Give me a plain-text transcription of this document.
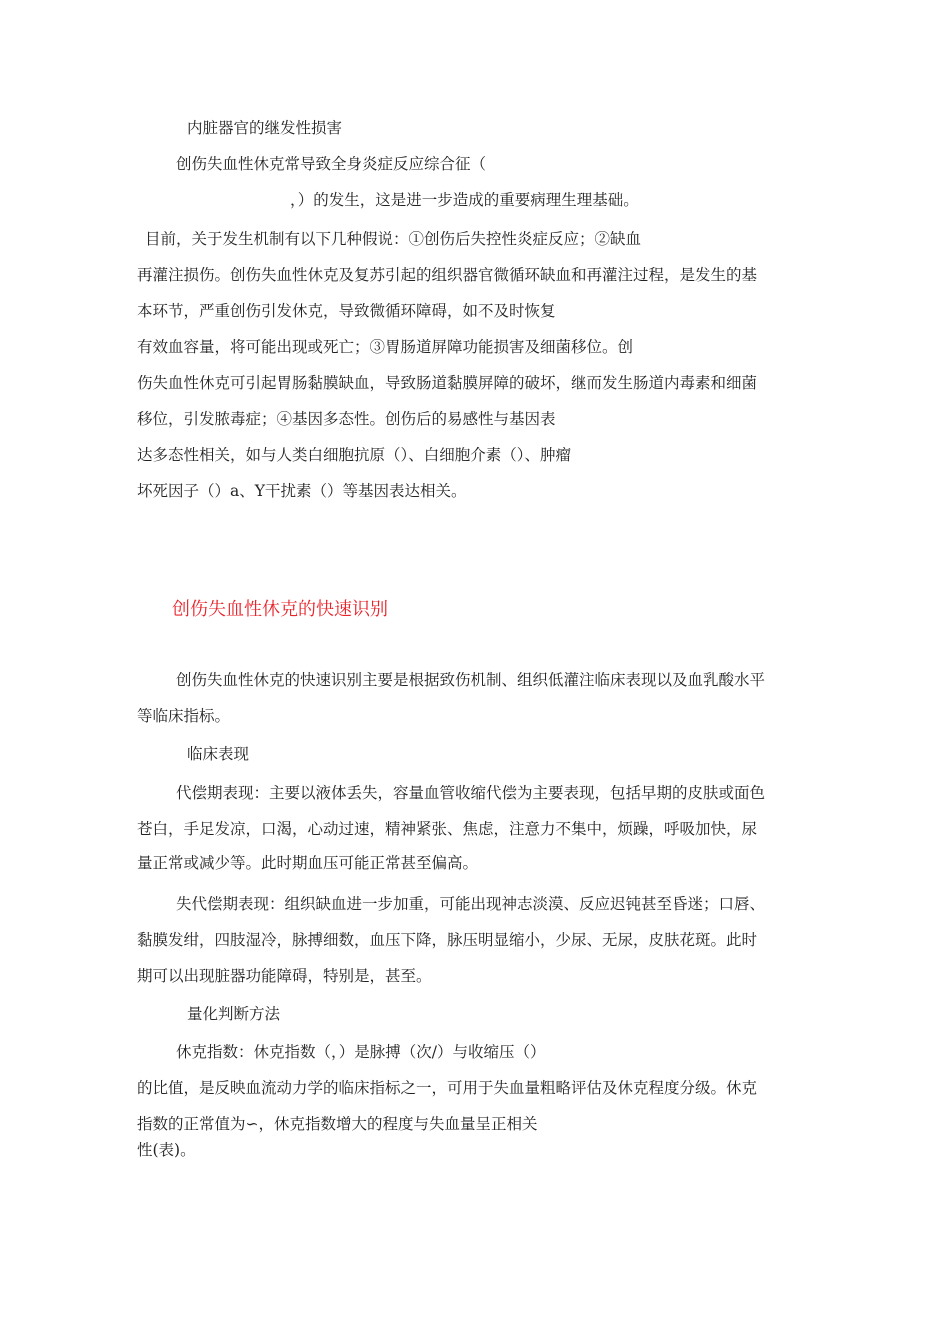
内脏器官的继发性损害
创伤失血性休克常导致全身炎症反应综合征（
，）的发生，这是进一步造成的重要病理生理基础。
目前，关于发生机制有以下几种假说：①创伤后失控性炎症反应；②缺血
再灌注损伤。创伤失血性休克及复苏引起的组织器官微循环缺血和再灌注过程，是发生的基
本环节，严重创伤引发休克，导致微循环障碍，如不及时恢复
有效血容量，将可能出现或死亡；③胃肠道屏障功能损害及细菌移位。创
伤失血性休克可引起胃肠黏膜缺血，导致肠道黏膜屏障的破坏，继而发生肠道内毒素和细菌
移位，引发脓毒症；④基因多态性。创伤后的易感性与基因表
达多态性相关，如与人类白细胞抗原（）、白细胞介素（）、肿瘤
坏死因子（）a、Y干扰素（）等基因表达相关。
创伤失血性休克的快速识别
创伤失血性休克的快速识别主要是根据致伤机制、组织低灌注临床表现以及血乳酸水平
等临床指标。
临床表现
代偿期表现：主要以液体丢失，容量血管收缩代偿为主要表现，包括早期的皮肤或面色
苍白，手足发凉，口渴，心动过速，精神紧张、焦虑，注意力不集中，烦躁，呼吸加快，尿
量正常或减少等。此时期血压可能正常甚至偏高。
失代偿期表现：组织缺血进一步加重，可能出现神志淡漠、反应迟钝甚至昏迷；口唇、
黏膜发绀，四肢湿冷，脉搏细数，血压下降，脉压明显缩小，少尿、无尿，皮肤花斑。此时
期可以出现脏器功能障碍，特别是，甚至。
量化判断方法
休克指数：休克指数（，）是脉搏（次/）与收缩压（）
的比值，是反映血流动力学的临床指标之一，可用于失血量粗略评估及休克程度分级。休克
指数的正常值为∽，休克指数增大的程度与失血量呈正相关
性(表)。
